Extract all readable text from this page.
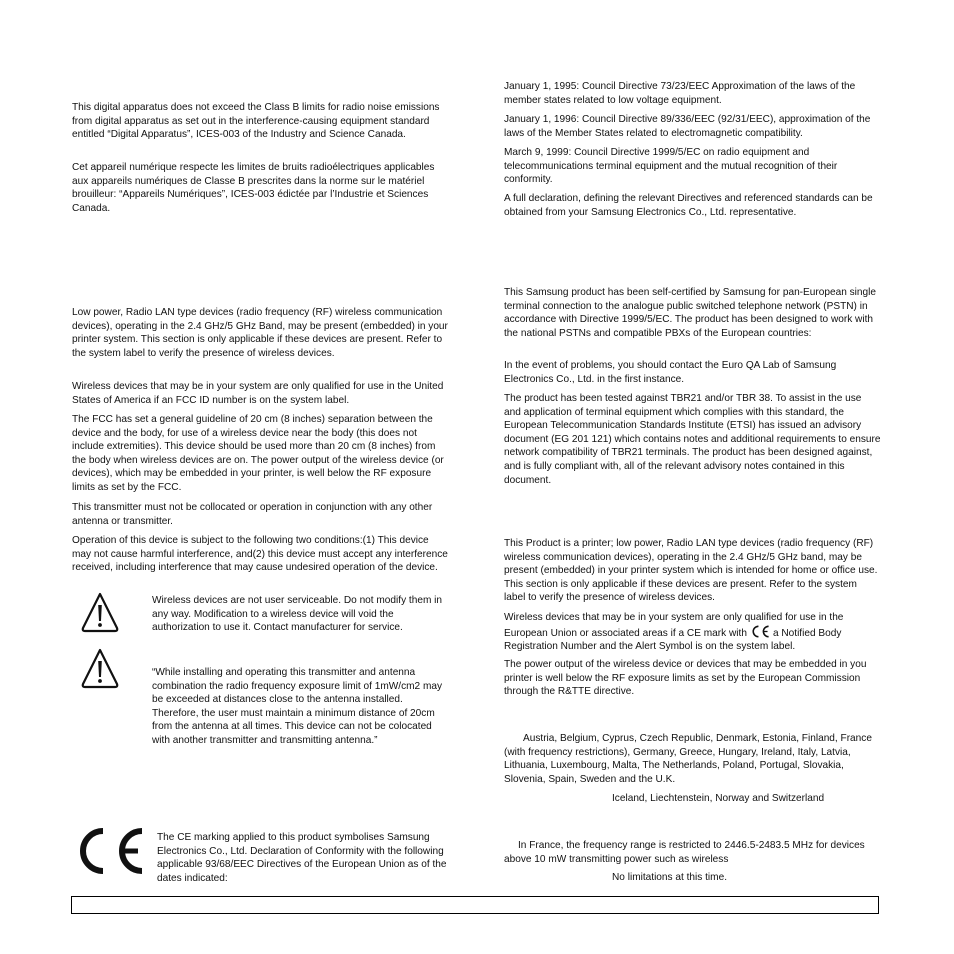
This digital apparatus does not exceed the Class B limits for radio noise emissions from digital apparatus as set out in the interference-causing equipment standard entitled “Digital Apparatus”, ICES-003 of the Industry and Science Canada.

Cet appareil numérique respecte les limites de bruits radioélectriques applicables aux appareils numériques de Classe B prescrites dans la norme sur le matériel brouilleur: “Appareils Numériques”, ICES-003 édictée par l’Industrie et Sciences Canada.

Low power, Radio LAN type devices (radio frequency (RF) wireless communication devices), operating in the 2.4 GHz/5 GHz Band, may be present (embedded) in your printer system. This section is only applicable if these devices are present. Refer to the system label to verify the presence of wireless devices.

Wireless devices that may be in your system are only qualified for use in the United States of America if an FCC ID number is on the system label.

The FCC has set a general guideline of 20 cm (8 inches) separation between the device and the body, for use of a wireless device near the body (this does not include extremities). This device should be used more than 20 cm (8 inches) from the body when wireless devices are on. The power output of the wireless device (or devices), which may be embedded in your printer, is well below the RF exposure limits as set by the FCC.

This transmitter must not be collocated or operation in conjunction with any other antenna or transmitter.

Operation of this device is subject to the following two conditions:(1) This device may not cause harmful interference, and(2) this device must accept any interference received, including interference that may cause undesired operation of the device.

Wireless devices are not user serviceable. Do not modify them in any way. Modification to a wireless device will void the authorization to use it. Contact manufacturer for service.

“While installing and operating this transmitter and antenna combination the radio frequency exposure limit of 1mW/cm2 may be exceeded at distances close to the antenna installed. Therefore, the user must maintain a minimum distance of 20cm from the antenna at all times. This device can not be colocated with another transmitter and transmitting antenna.”

The CE marking applied to this product symbolises Samsung Electronics Co., Ltd. Declaration of Conformity with the following applicable 93/68/EEC Directives of the European Union as of the dates indicated:

January 1, 1995: Council Directive 73/23/EEC Approximation of the laws of the member states related to low voltage equipment.

January 1, 1996: Council Directive 89/336/EEC (92/31/EEC), approximation of the laws of the Member States related to electromagnetic compatibility.

March 9, 1999: Council Directive 1999/5/EC on radio equipment and telecommunications terminal equipment and the mutual recognition of their conformity.

A full declaration, defining the relevant Directives and referenced standards can be obtained from your Samsung Electronics Co., Ltd. representative.

This Samsung product has been self-certified by Samsung for pan-European single terminal connection to the analogue public switched telephone network (PSTN) in accordance with Directive 1999/5/EC. The product has been designed to work with the national PSTNs and compatible PBXs of the European countries:

In the event of problems, you should contact the Euro QA Lab of Samsung Electronics Co., Ltd. in the first instance.

The product has been tested against TBR21 and/or TBR 38. To assist in the use and application of terminal equipment which complies with this standard, the European Telecommunication Standards Institute (ETSI) has issued an advisory document (EG 201 121) which contains notes and additional requirements to ensure network compatibility of TBR21 terminals. The product has been designed against, and is fully compliant with, all of the relevant advisory notes contained in this document.

This Product is a printer; low power, Radio LAN type devices (radio frequency (RF) wireless communication devices), operating in the 2.4 GHz/5 GHz band, may be present (embedded) in your printer system which is intended for home or office use. This section is only applicable if these devices are present. Refer to the system label to verify the presence of wireless devices.

Wireless devices that may be in your system are only qualified for use in the European Union or associated areas if a CE mark with	a Notified Body Registration Number and the Alert Symbol is on the system label.

The power output of the wireless device or devices that may be embedded in you printer is well below the RF exposure limits as set by the European Commission through the R&TTE directive.

Austria, Belgium, Cyprus, Czech Republic, Denmark, Estonia, Finland, France (with frequency restrictions), Germany, Greece, Hungary, Ireland, Italy, Latvia, Lithuania, Luxembourg, Malta, The Netherlands, Poland, Portugal, Slovakia, Slovenia, Spain, Sweden and the U.K.

Iceland, Liechtenstein, Norway and Switzerland

In France, the frequency range is restricted to 2446.5-2483.5 MHz for devices above 10 mW transmitting power such as wireless

No limitations at this time.
